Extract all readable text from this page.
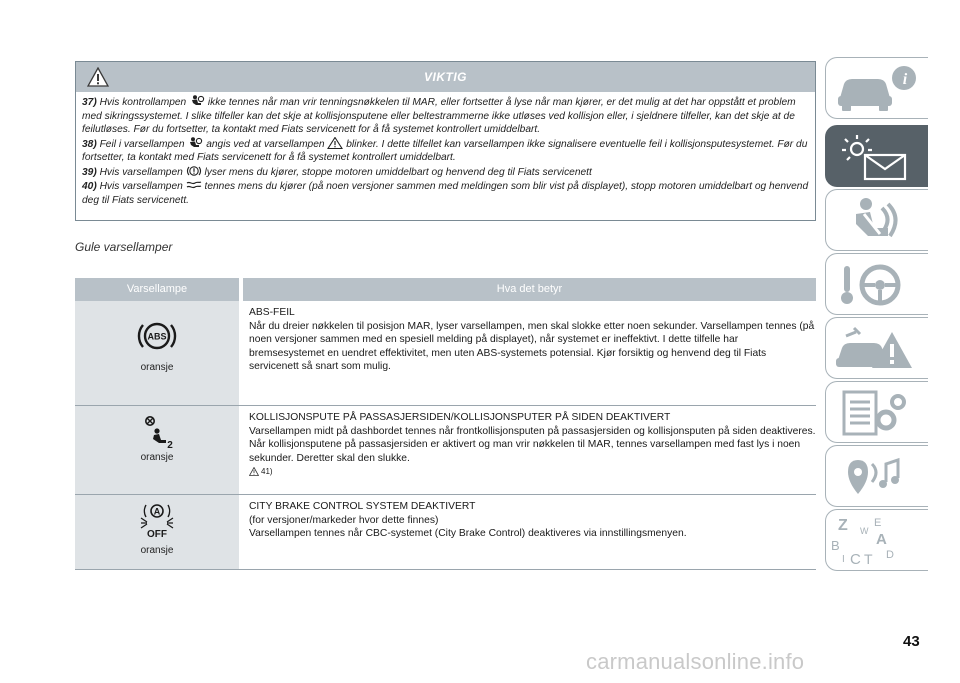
VIKTIG
37) Hvis kontrollampen ikke tennes når man vrir tenningsnøkkelen til MAR, eller fortsetter å lyse når man kjører, er det mulig at det har oppstått et problem med sikringssystemet. I slike tilfeller kan det skje at kollisjonsputene eller beltestrammerne ikke utløses ved kollisjon eller, i sjeldnere tilfeller, kan det skje at de feilutløses. Før du fortsetter, ta kontakt med Fiats servicenett for å få systemet kontrollert umiddelbart.
38) Feil i varsellampen angis ved at varsellampen blinker. I dette tilfellet kan varsellampen ikke signalisere eventuelle feil i kollisjonsputesystemet. Før du fortsetter, ta kontakt med Fiats servicenett for å få systemet kontrollert umiddelbart.
39) Hvis varsellampen lyser mens du kjører, stoppe motoren umiddelbart og henvend deg til Fiats servicenett
40) Hvis varsellampen tennes mens du kjører (på noen versjoner sammen med meldingen som blir vist på displayet), stopp motoren umiddelbart og henvend deg til Fiats servicenett.
Gule varsellamper
Varsellampe	Hva det betyr
ABS
oransje
ABS-FEIL
Når du dreier nøkkelen til posisjon MAR, lyser varsellampen, men skal slokke etter noen sekunder. Varsellampen tennes (på noen versjoner sammen med en spesiell melding på displayet), når systemet er ineffektivt. I dette tilfelle har bremsesystemet en uendret effektivitet, men uten ABS-systemets potensial. Kjør forsiktig og henvend deg til Fiats servicenett så snart som mulig.
2
oransje
KOLLISJONSPUTE PÅ PASSASJERSIDEN/KOLLISJONSPUTER PÅ SIDEN DEAKTIVERT
Varsellampen midt på dashbordet tennes når frontkollisjonsputen på passasjersiden og kollisjonsputen på siden deaktiveres. Når kollisjonsputene på passasjersiden er aktivert og man vrir nøkkelen til MAR, tennes varsellampen med fast lys i noen sekunder. Deretter skal den slukke.
41)
A
OFF
oransje
CITY BRAKE CONTROL SYSTEM DEAKTIVERT
(for versjoner/markeder hvor dette finnes)
Varsellampen tennes når CBC-systemet (City Brake Control) deaktiveres via innstillingsmenyen.
i
Z E
W
B A
I C T D
43
carmanualsonline.info
